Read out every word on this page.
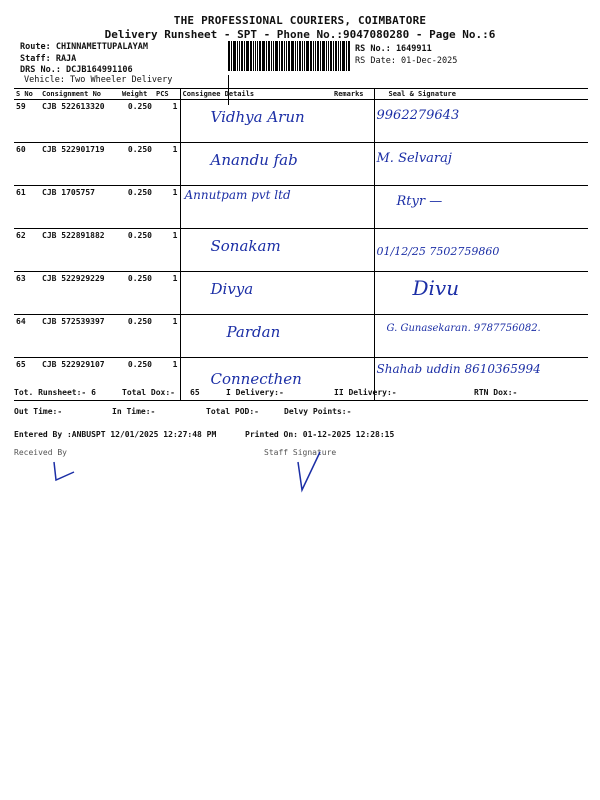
THE PROFESSIONAL COURIERS, COIMBATORE
Delivery Runsheet - SPT - Phone No.:9047080280 - Page No.:6
Route: CHINNAMETTUPALAYAM
Staff: RAJA
DRS No.: DCJB164991106
Vehicle: Two Wheeler Delivery
RS No.: 1649911
RS Date: 01-Dec-2025
S No	Consignment No	Weight	PCS	Consignee Details	Remarks	Seal & Signature
59	CJB 522613320	0.250	1	Vidhya Arun		9962279643

60	CJB 522901719	0.250	1	Anandu fab		M. Selvaraj

61	CJB 1705757	0.250	1	Annutpam pvt ltd		Rtyr —

62	CJB 522891882	0.250	1	Sonakam		01/12/25 7502759860

63	CJB 522929229	0.250	1	Divya		Divu

64	CJB 572539397	0.250	1	Pardan		G. Gunasekaran. 9787756082.

65	CJB 522929107	0.250	1	Connecthen		Shahab uddin 8610365994
Tot. Runsheet:- 6	Total Dox:- 65	I Delivery:-	II Delivery:-	RTN Dox:-
Out Time:-	In Time:-	Total POD:-	Delvy Points:-
Entered By :ANBUSPT 12/01/2025 12:27:48 PM	Printed On: 01-12-2025 12:28:15
Received By	Staff Signature
